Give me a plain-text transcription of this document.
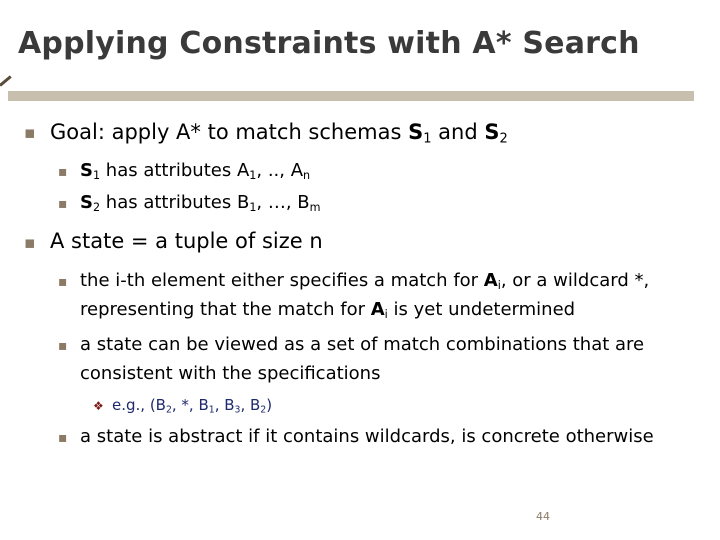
Applying Constraints with A* Search
▪ Goal: apply A* to match schemas $S_1$ and $S_2$
▪ $S_1$ has attributes $A_1$, .., $A_n$
▪ $S_2$ has attributes $B_1$, …, $B_m$
▪ A state = a tuple of size n
▪ the i-th element either specifies a match for $A_i$, or a wildcard *,
representing that the match for $A_i$ is yet undetermined
▪ a state can be viewed as a set of match combinations that are
consistent with the specifications
❖ e.g., ($B_2$, *, $B_1$, $B_3$, $B_2$)
▪ a state is abstract if it contains wildcards, is concrete otherwise
44
